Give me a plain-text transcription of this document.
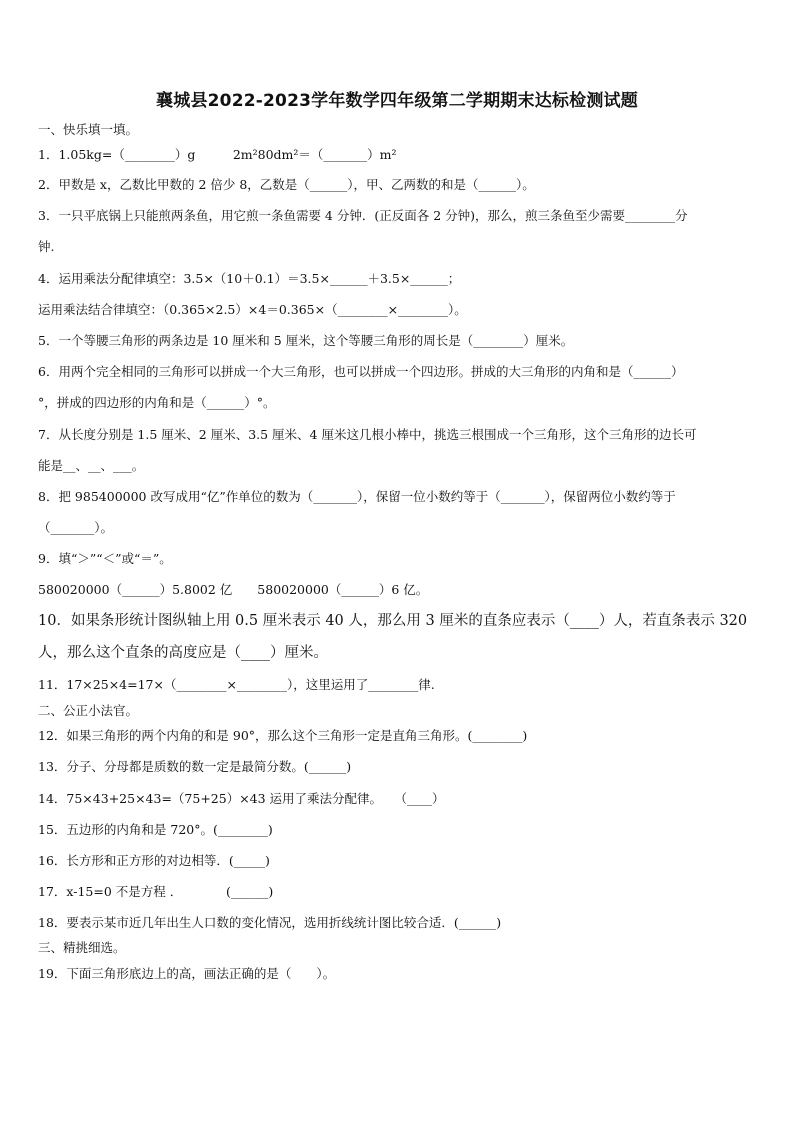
襄城县2022-2023学年数学四年级第二学期期末达标检测试题
一、快乐填一填。
1．1.05kg=（________）g　　　2m²80dm²＝（_______）m²
2．甲数是 x，乙数比甲数的 2 倍少 8，乙数是（______），甲、乙两数的和是（______）。
3．一只平底锅上只能煎两条鱼，用它煎一条鱼需要 4 分钟．(正反面各 2 分钟)，那么，煎三条鱼至少需要________分
钟.
4．运用乘法分配律填空：3.5×（10＋0.1）＝3.5×______＋3.5×______；
运用乘法结合律填空：（0.365×2.5）×4＝0.365×（________×________）。
5．一个等腰三角形的两条边是 10 厘米和 5 厘米，这个等腰三角形的周长是（________）厘米。
6．用两个完全相同的三角形可以拼成一个大三角形，也可以拼成一个四边形。拼成的大三角形的内角和是（______）
°，拼成的四边形的内角和是（______）°。
7．从长度分别是 1.5 厘米、2 厘米、3.5 厘米、4 厘米这几根小棒中，挑选三根围成一个三角形，这个三角形的边长可
能是__、__、___。
8．把 985400000 改写成用“亿”作单位的数为（_______），保留一位小数约等于（_______），保留两位小数约等于
（_______）。
9．填“＞”“＜”或“＝”。
580020000（______）5.8002 亿　　580020000（______）6 亿。
10．如果条形统计图纵轴上用 0.5 厘米表示 40 人，那么用 3 厘米的直条应表示（____）人，若直条表示 320
人，那么这个直条的高度应是（____）厘米。
11．17×25×4=17×（________×________），这里运用了________律.
二、公正小法官。
12．如果三角形的两个内角的和是 90°，那么这个三角形一定是直角三角形。(________)
13．分子、分母都是质数的数一定是最简分数。(______)
14．75×43+25×43=（75+25）×43 运用了乘法分配律。　　（____）
15．五边形的内角和是 720°。(________)
16．长方形和正方形的对边相等．(_____)
17．x-15=0 不是方程 ．　　　　(______)
18．要表示某市近几年出生人口数的变化情况，选用折线统计图比较合适．(______)
三、精挑细选。
19．下面三角形底边上的高，画法正确的是（　　）。
